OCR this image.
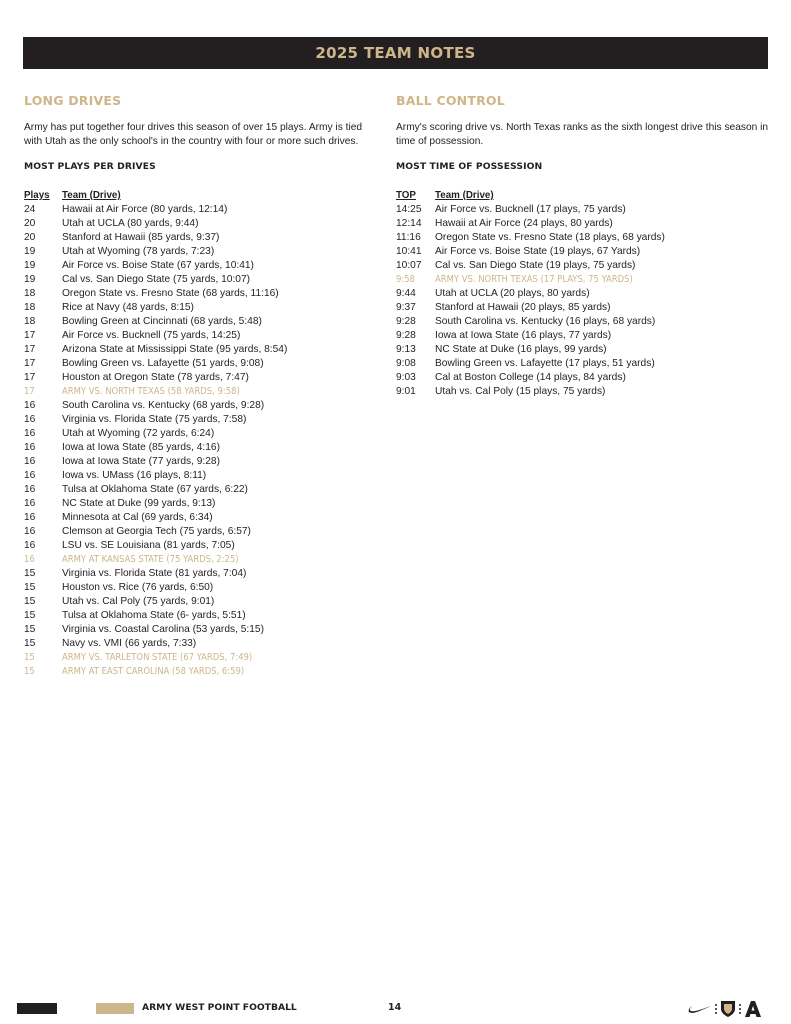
2025 TEAM NOTES
LONG DRIVES

Army has put together four drives this season of over 15 plays. Army is tied with Utah as the only school's in the country with four or more such drives.

MOST PLAYS PER DRIVES
Plays	Team (Drive)
24	Hawaii at Air Force (80 yards, 12:14)
20	Utah at UCLA (80 yards, 9:44)
20	Stanford at Hawaii (85 yards, 9:37)
19	Utah at Wyoming (78 yards, 7:23)
19	Air Force vs. Boise State (67 yards, 10:41)
19	Cal vs. San Diego State (75 yards, 10:07)
18	Oregon State vs. Fresno State (68 yards, 11:16)
18	Rice at Navy (48 yards, 8:15)
18	Bowling Green at Cincinnati (68 yards, 5:48)
17	Air Force vs. Bucknell (75 yards, 14:25)
17	Arizona State at Mississippi State (95 yards, 8:54)
17	Bowling Green vs. Lafayette (51 yards, 9:08)
17	Houston at Oregon State (78 yards, 7:47)
17	ARMY VS. NORTH TEXAS (58 YARDS, 9:58)
16	South Carolina vs. Kentucky (68 yards, 9:28)
16	Virginia vs. Florida State (75 yards, 7:58)
16	Utah at Wyoming (72 yards, 6:24)
16	Iowa at Iowa State (85 yards, 4:16)
16	Iowa at Iowa State (77 yards, 9:28)
16	Iowa vs. UMass (16 plays, 8:11)
16	Tulsa at Oklahoma State (67 yards, 6:22)
16	NC State at Duke (99 yards, 9:13)
16	Minnesota at Cal (69 yards, 6:34)
16	Clemson at Georgia Tech (75 yards, 6:57)
16	LSU vs. SE Louisiana (81 yards, 7:05)
16	ARMY AT KANSAS STATE (75 YARDS, 2:25)
15	Virginia vs. Florida State (81 yards, 7:04)
15	Houston vs. Rice (76 yards, 6:50)
15	Utah vs. Cal Poly (75 yards, 9:01)
15	Tulsa at Oklahoma State (6- yards, 5:51)
15	Virginia vs. Coastal Carolina (53 yards, 5:15)
15	Navy vs. VMI (66 yards, 7:33)
15	ARMY VS. TARLETON STATE (67 YARDS, 7:49)
15	ARMY AT EAST CAROLINA (58 YARDS, 6:59)
BALL CONTROL

Army's scoring drive vs. North Texas ranks as the sixth longest drive this season in time of possession.

MOST TIME OF POSSESSION
TOP	Team (Drive)
14:25	Air Force vs. Bucknell (17 plays, 75 yards)
12:14	Hawaii at Air Force (24 plays, 80 yards)
11:16	Oregon State vs. Fresno State (18 plays, 68 yards)
10:41	Air Force vs. Boise State (19 plays, 67 Yards)
10:07	Cal vs. San Diego State (19 plays, 75 yards)
9:58	ARMY VS. NORTH TEXAS (17 PLAYS, 75 YARDS)
9:44	Utah at UCLA (20 plays, 80 yards)
9:37	Stanford at Hawaii (20 plays, 85 yards)
9:28	South Carolina vs. Kentucky (16 plays, 68 yards)
9:28	Iowa at Iowa State (16 plays, 77 yards)
9:13	NC State at Duke (16 plays, 99 yards)
9:08	Bowling Green vs. Lafayette (17 plays, 51 yards)
9:03	Cal at Boston College (14 plays, 84 yards)
9:01	Utah vs. Cal Poly (15 plays, 75 yards)
ARMY WEST POINT FOOTBALL	14
